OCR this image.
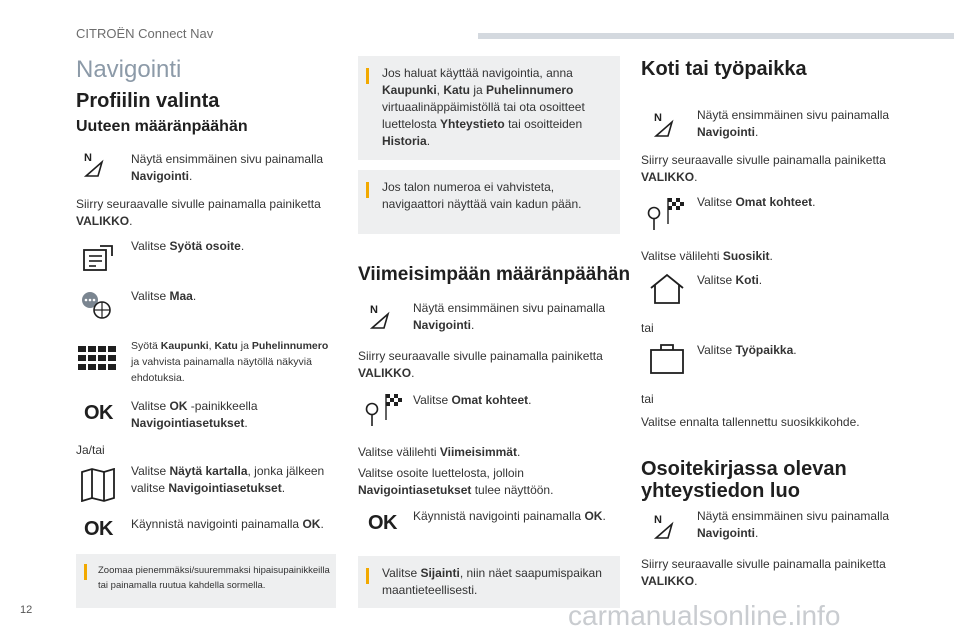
CITROËN Connect Nav
Navigointi
Profiilin valinta
Uuteen määränpäähän
N	Näytä ensimmäinen sivu painamalla Navigointi.
Siirry seuraavalle sivulle painamalla painiketta VALIKKO.
Valitse Syötä osoite.
Valitse Maa.
Syötä Kaupunki, Katu ja Puhelinnumero ja vahvista painamalla näytöllä näkyviä ehdotuksia.
OK Valitse OK -painikkeella Navigointiasetukset.
Ja/tai
Valitse Näytä kartalla, jonka jälkeen valitse Navigointiasetukset.
OK Käynnistä navigointi painamalla OK.
Zoomaa pienemmäksi/suuremmaksi hipaisupainikkeilla tai painamalla ruutua kahdella sormella.
Jos haluat käyttää navigointia, anna Kaupunki, Katu ja Puhelinnumero virtuaalinäppäimistöllä tai ota osoitteet luettelosta Yhteystieto tai osoitteiden Historia.
Jos talon numeroa ei vahvisteta, navigaattori näyttää vain kadun pään.
Viimeisimpään määränpäähän
N	Näytä ensimmäinen sivu painamalla Navigointi.
Siirry seuraavalle sivulle painamalla painiketta VALIKKO.
Valitse Omat kohteet.
Valitse välilehti Viimeisimmät.
Valitse osoite luettelosta, jolloin Navigointiasetukset tulee näyttöön.
OK Käynnistä navigointi painamalla OK.
Valitse Sijainti, niin näet saapumispaikan maantieteellisesti.
Koti tai työpaikka
N	Näytä ensimmäinen sivu painamalla Navigointi.
Siirry seuraavalle sivulle painamalla painiketta VALIKKO.
Valitse Omat kohteet.
Valitse välilehti Suosikit.
Valitse Koti.
tai
Valitse Työpaikka.
tai
Valitse ennalta tallennettu suosikkikohde.
Osoitekirjassa olevan yhteystiedon luo
N	Näytä ensimmäinen sivu painamalla Navigointi.
Siirry seuraavalle sivulle painamalla painiketta VALIKKO.
12	carmanualsonline.info
